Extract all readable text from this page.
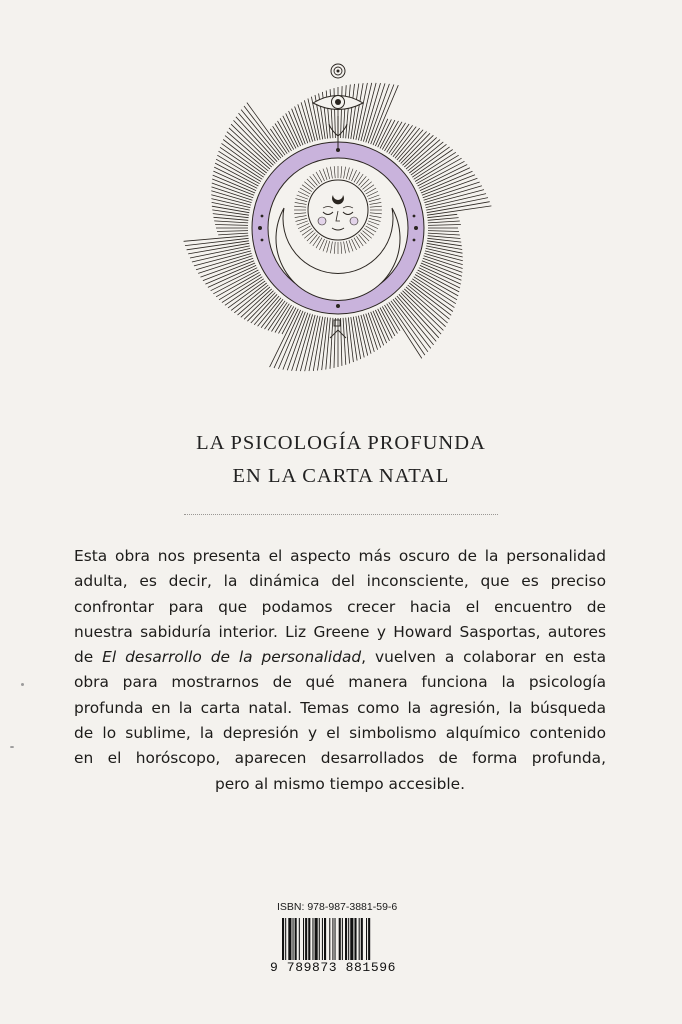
LA PSICOLOGÍA PROFUNDA
EN LA CARTA NATAL
Esta obra nos presenta el aspecto más oscuro de la personalidad
adulta, es decir, la dinámica del inconsciente, que es preciso
confrontar para que podamos crecer hacia el encuentro de
nuestra sabiduría interior. Liz Greene y Howard Sasportas, autores
de El desarrollo de la personalidad, vuelven a colaborar en esta
obra para mostrarnos de qué manera funciona la psicología
profunda en la carta natal. Temas como la agresión, la búsqueda
de lo sublime, la depresión y el simbolismo alquímico contenido
en el horóscopo, aparecen desarrollados de forma profunda,
pero al mismo tiempo accesible.
ISBN: 978-987-3881-59-6
9 789873 881596
